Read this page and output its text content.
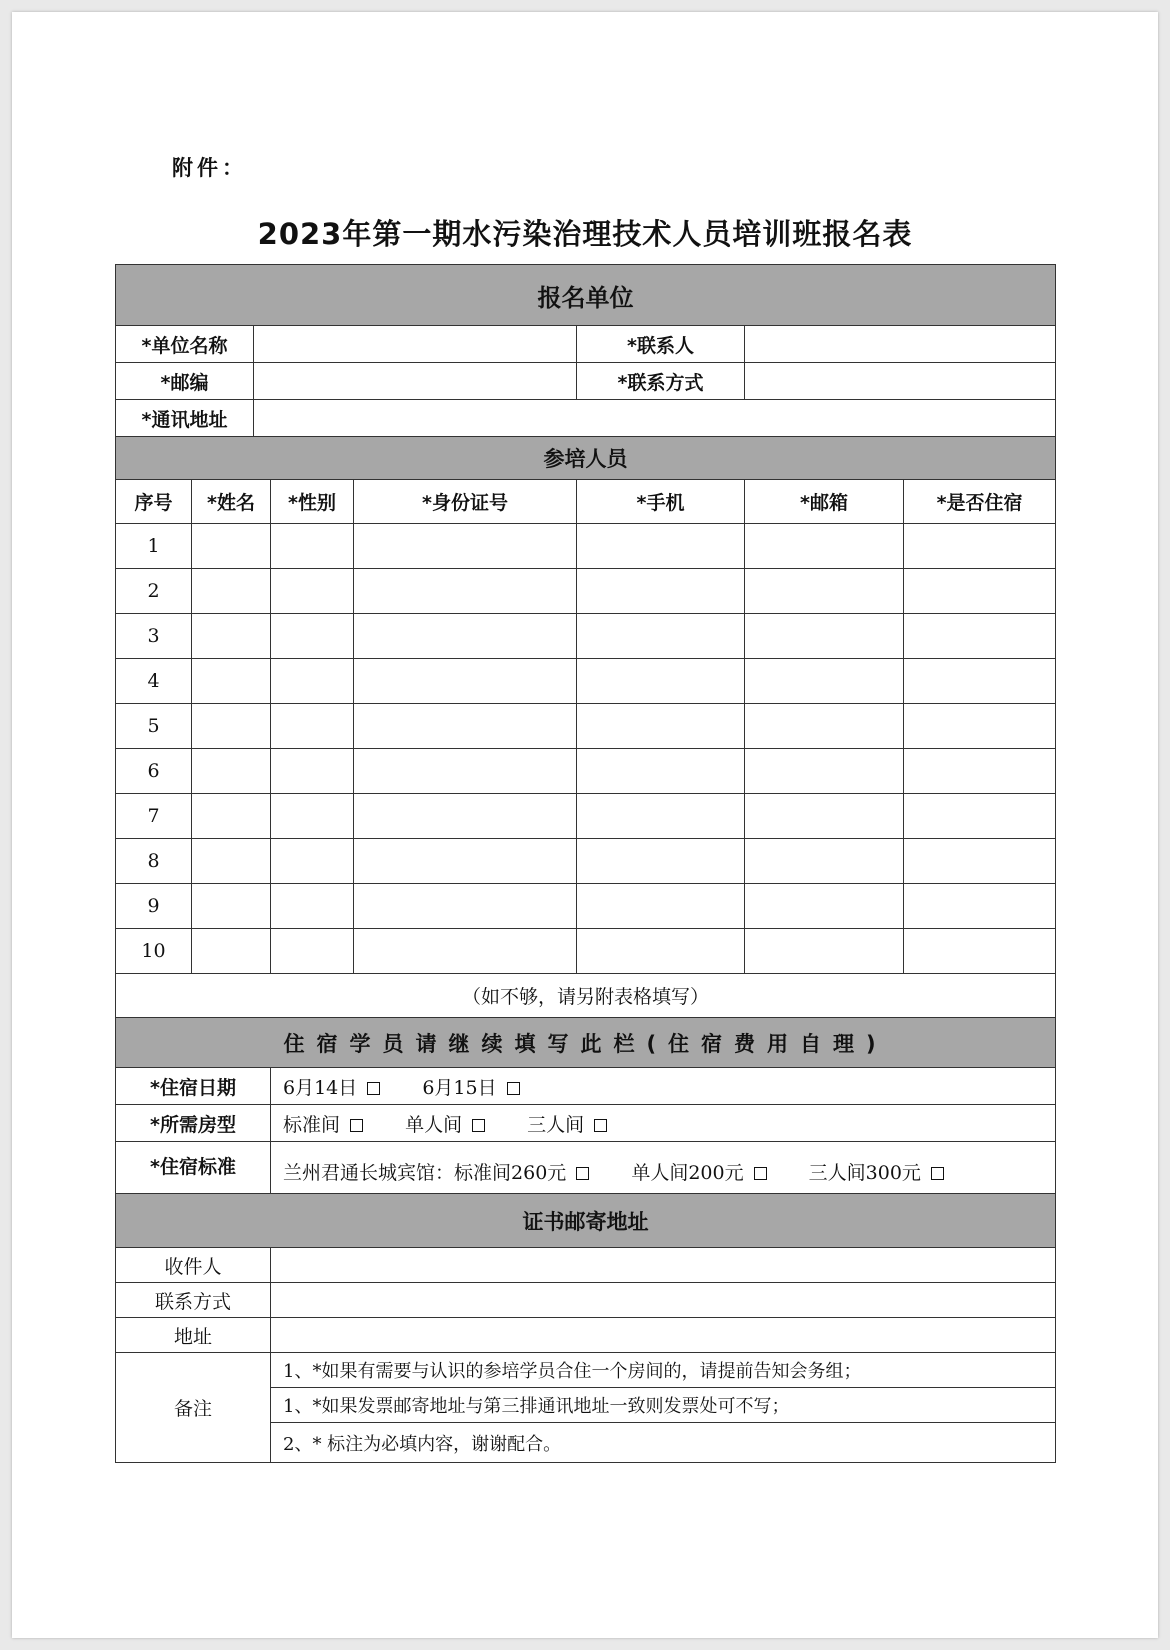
附件：
2023年第一期水污染治理技术人员培训班报名表
报名单位							
*单位名称					*联系人		
*邮编					*联系方式		
*通讯地址							
参培人员							
序号	*姓名		*性别	*身份证号	*手机	*邮箱	*是否住宿
1							
2							
3							
4							
5							
6							
7							
8							
9							
10							
（如不够，请另附表格填写）							
住宿学员请继续填写此栏(住宿费用自理)							
*住宿日期			6月14日 6月15日				
*所需房型			标准间 单人间 三人间				
*住宿标准			兰州君通长城宾馆：标准间260元 单人间200元 三人间300元				
证书邮寄地址							
收件人							
联系方式							
地址							
备注			1、*如果有需要与认识的参培学员合住一个房间的，请提前告知会务组；				
			1、*如果发票邮寄地址与第三排通讯地址一致则发票处可不写；				
			2、* 标注为必填内容，谢谢配合。				
